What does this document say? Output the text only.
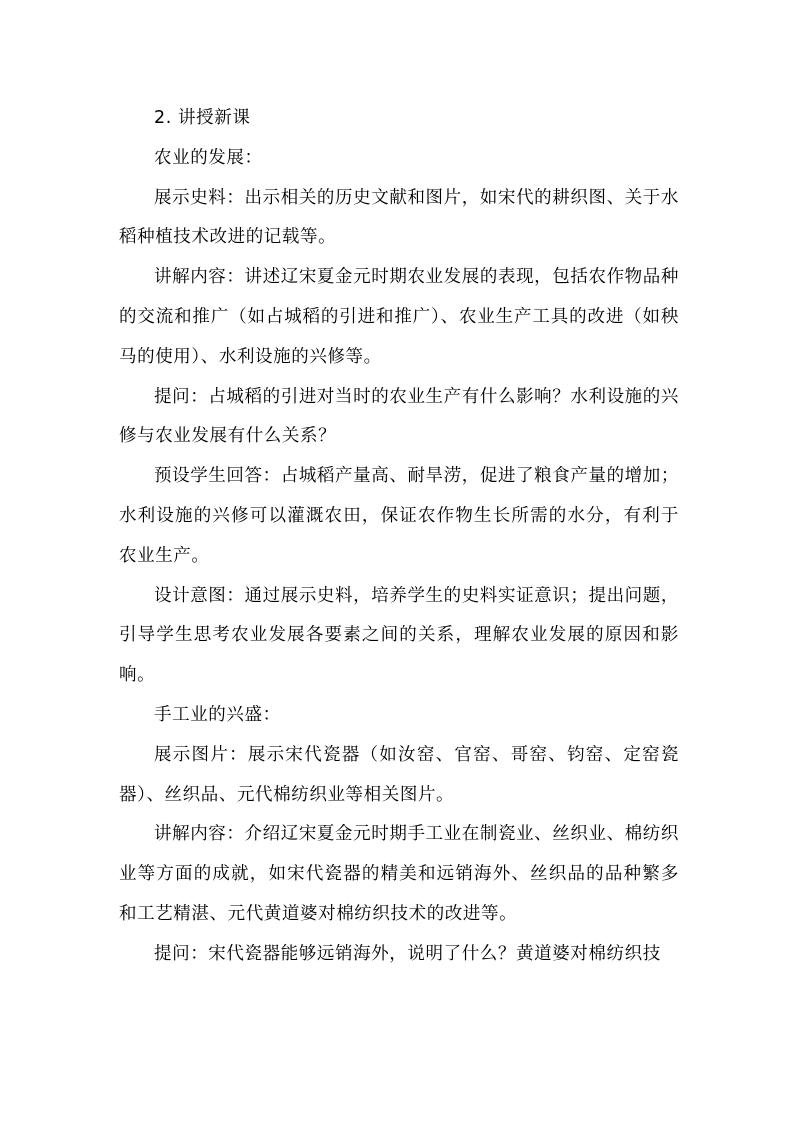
2. 讲授新课

农业的发展：

展示史料：出示相关的历史文献和图片，如宋代的耕织图、关于水稻种植技术改进的记载等。

讲解内容：讲述辽宋夏金元时期农业发展的表现，包括农作物品种的交流和推广（如占城稻的引进和推广）、农业生产工具的改进（如秧马的使用）、水利设施的兴修等。

提问：占城稻的引进对当时的农业生产有什么影响？水利设施的兴修与农业发展有什么关系？

预设学生回答：占城稻产量高、耐旱涝，促进了粮食产量的增加；水利设施的兴修可以灌溉农田，保证农作物生长所需的水分，有利于农业生产。

设计意图：通过展示史料，培养学生的史料实证意识；提出问题，引导学生思考农业发展各要素之间的关系，理解农业发展的原因和影响。

手工业的兴盛：

展示图片：展示宋代瓷器（如汝窑、官窑、哥窑、钧窑、定窑瓷器）、丝织品、元代棉纺织业等相关图片。

讲解内容：介绍辽宋夏金元时期手工业在制瓷业、丝织业、棉纺织业等方面的成就，如宋代瓷器的精美和远销海外、丝织品的品种繁多和工艺精湛、元代黄道婆对棉纺织技术的改进等。

提问：宋代瓷器能够远销海外，说明了什么？黄道婆对棉纺织技
